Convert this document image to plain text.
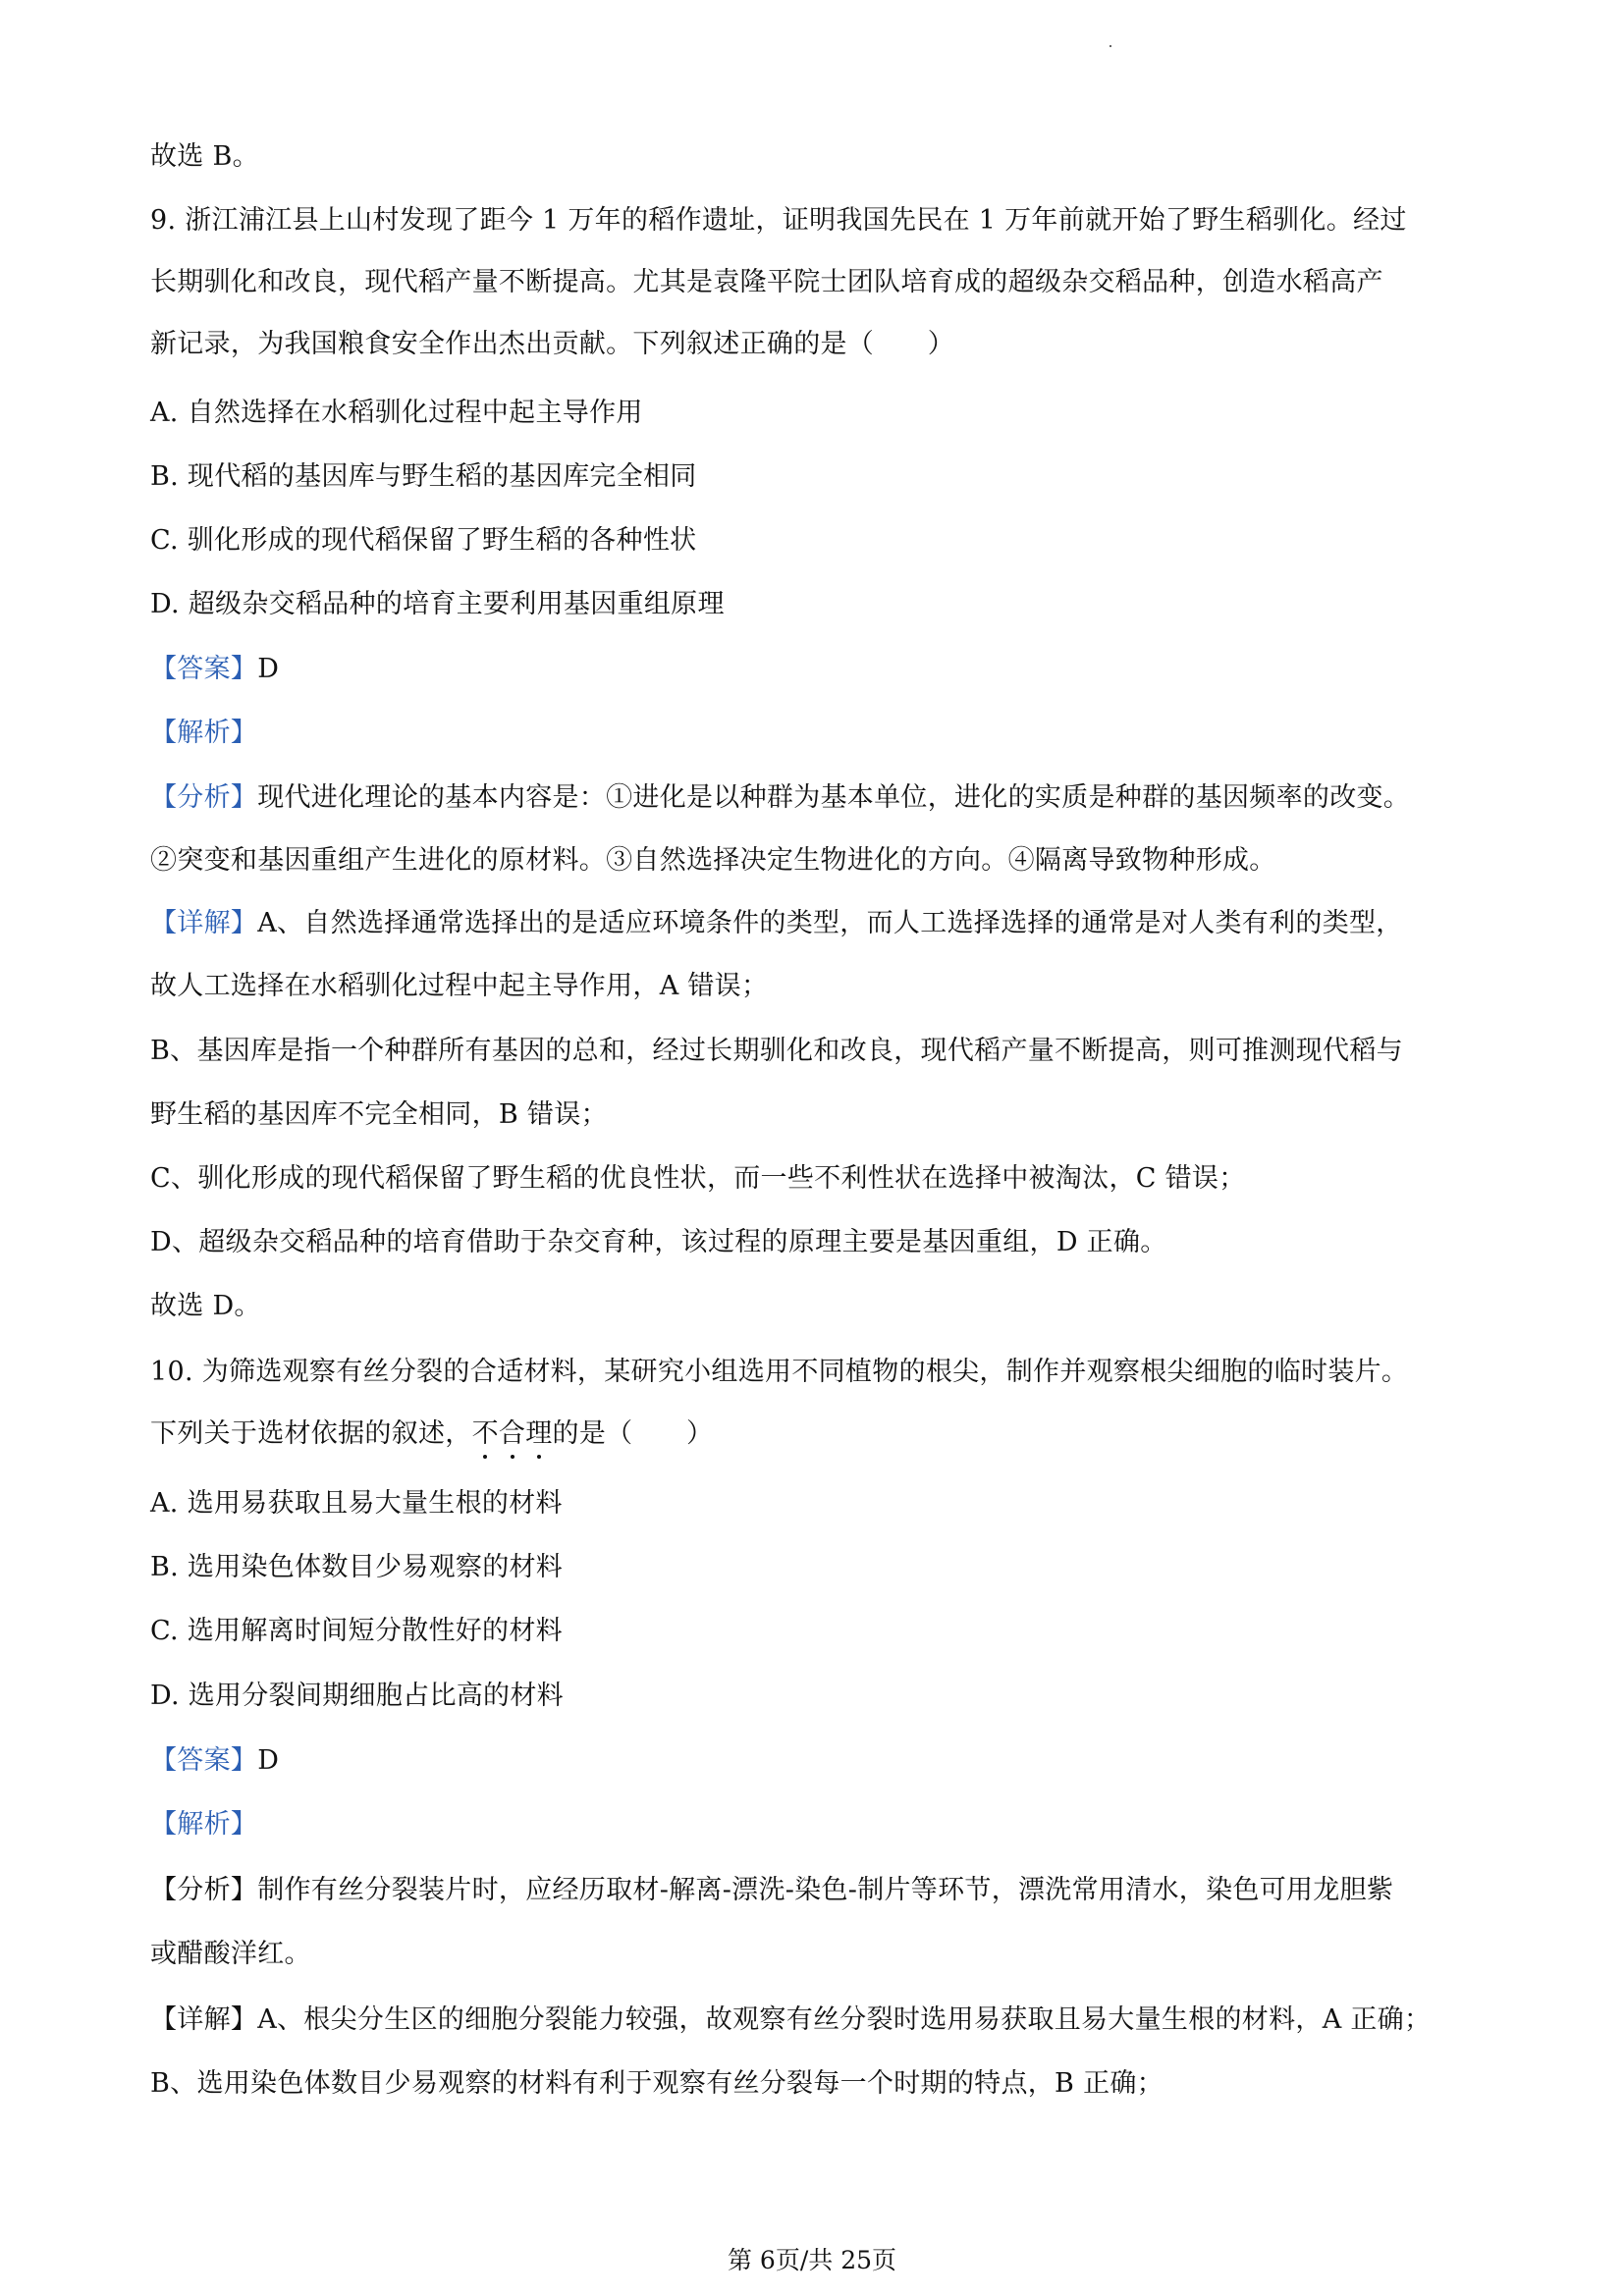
故选 B。
9. 浙江浦江县上山村发现了距今 1 万年的稻作遗址，证明我国先民在 1 万年前就开始了野生稻驯化。经过
长期驯化和改良，现代稻产量不断提高。尤其是袁隆平院士团队培育成的超级杂交稻品种，创造水稻高产
新记录，为我国粮食安全作出杰出贡献。下列叙述正确的是（　　）
A. 自然选择在水稻驯化过程中起主导作用
B. 现代稻的基因库与野生稻的基因库完全相同
C. 驯化形成的现代稻保留了野生稻的各种性状
D. 超级杂交稻品种的培育主要利用基因重组原理
【答案】D
【解析】
【分析】现代进化理论的基本内容是：①进化是以种群为基本单位，进化的实质是种群的基因频率的改变。
②突变和基因重组产生进化的原材料。③自然选择决定生物进化的方向。④隔离导致物种形成。
【详解】A、自然选择通常选择出的是适应环境条件的类型，而人工选择选择的通常是对人类有利的类型，
故人工选择在水稻驯化过程中起主导作用，A 错误；
B、基因库是指一个种群所有基因的总和，经过长期驯化和改良，现代稻产量不断提高，则可推测现代稻与
野生稻的基因库不完全相同，B 错误；
C、驯化形成的现代稻保留了野生稻的优良性状，而一些不利性状在选择中被淘汰，C 错误；
D、超级杂交稻品种的培育借助于杂交育种，该过程的原理主要是基因重组，D 正确。
故选 D。
10. 为筛选观察有丝分裂的合适材料，某研究小组选用不同植物的根尖，制作并观察根尖细胞的临时装片。
下列关于选材依据的叙述，不
合
理
的是（　　）
A. 选用易获取且易大量生根的材料
B. 选用染色体数目少易观察的材料
C. 选用解离时间短分散性好的材料
D. 选用分裂间期细胞占比高的材料
【答案】D
【解析】
【分析】制作有丝分裂装片时，应经历取材-解离-漂洗-染色-制片等环节，漂洗常用清水，染色可用龙胆紫
或醋酸洋红。
【详解】A、根尖分生区的细胞分裂能力较强，故观察有丝分裂时选用易获取且易大量生根的材料，A 正确；
B、选用染色体数目少易观察的材料有利于观察有丝分裂每一个时期的特点，B 正确；
第 6页/共 25页
